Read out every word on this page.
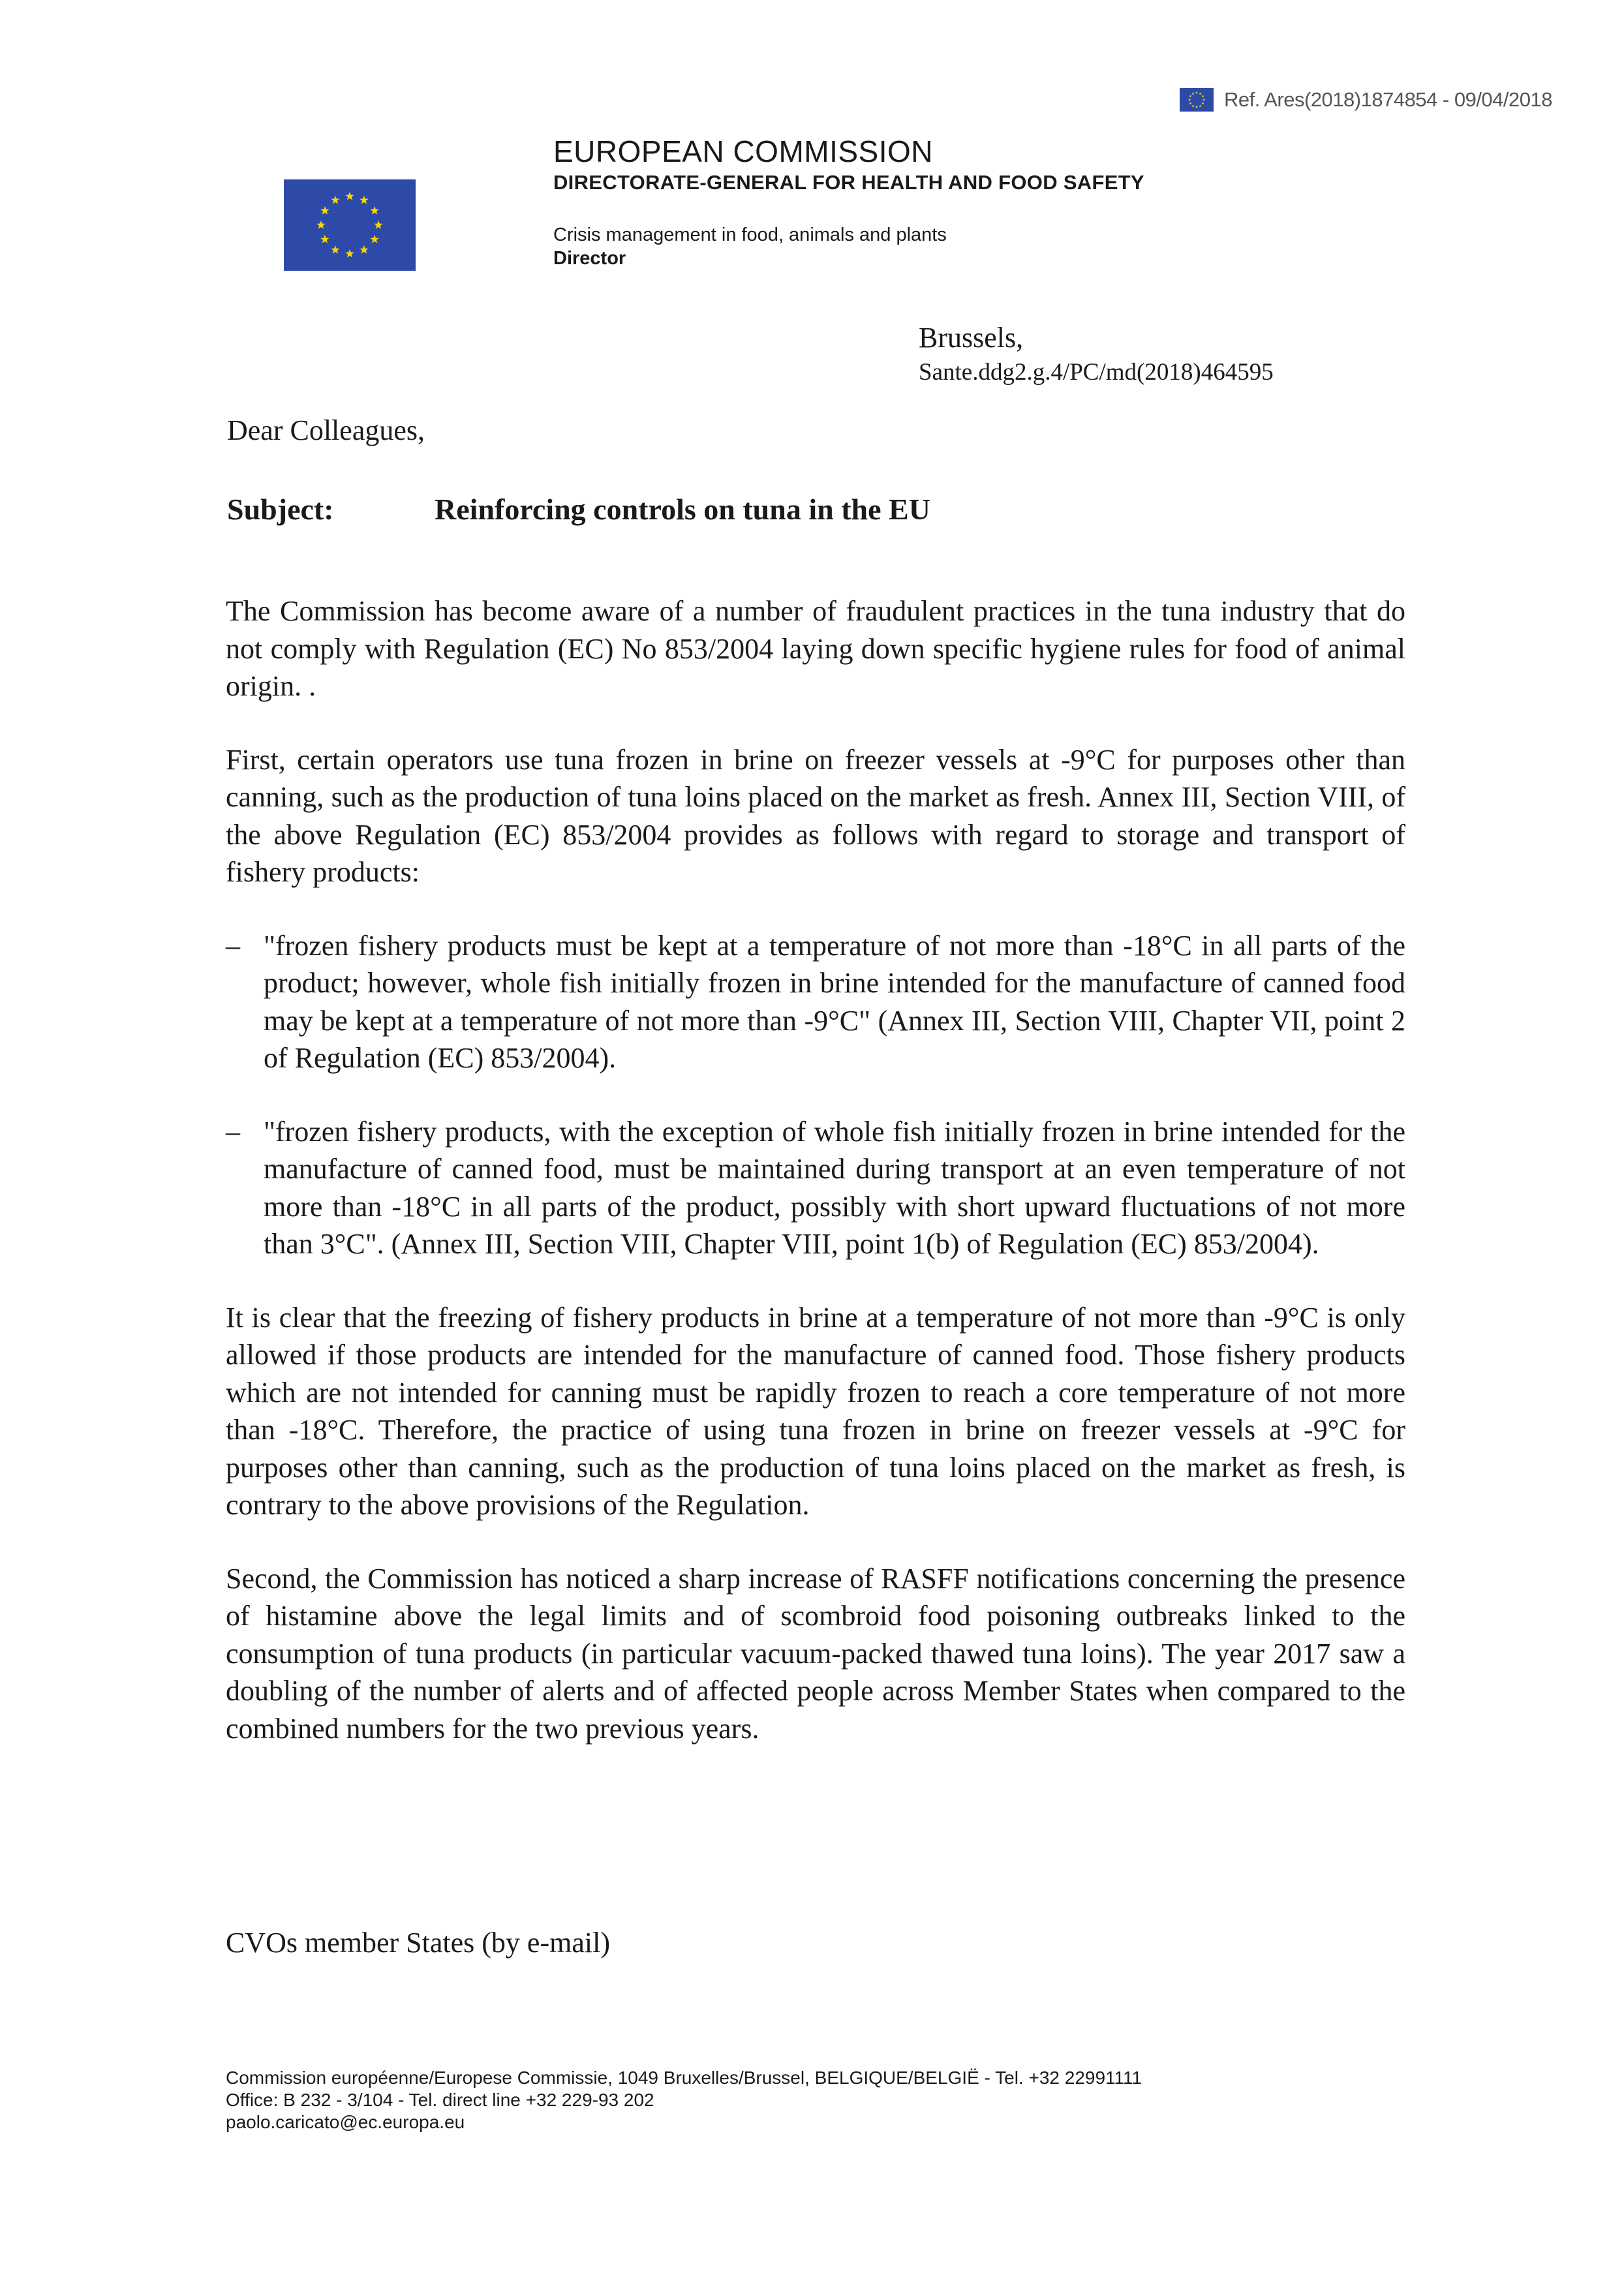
Ref. Ares(2018)1874854 - 09/04/2018

EUROPEAN COMMISSION

DIRECTORATE-GENERAL FOR HEALTH AND FOOD SAFETY

Crisis management in food, animals and plants

Director

Brussels,
Sante.ddg2.g.4/PC/md(2018)464595
Dear Colleagues,
Subject:	Reinforcing controls on tuna in the EU

The Commission has become aware of a number of fraudulent practices in the tuna industry that do not comply with Regulation (EC) No 853/2004 laying down specific hygiene rules for food of animal origin. .

First, certain operators use tuna frozen in brine on freezer vessels at -9°C for purposes other than canning, such as the production of tuna loins placed on the market as fresh. Annex III, Section VIII, of the above Regulation (EC) 853/2004 provides as follows with regard to storage and transport of fishery products:

– "frozen fishery products must be kept at a temperature of not more than -18°C in all parts of the product; however, whole fish initially frozen in brine intended for the manufacture of canned food may be kept at a temperature of not more than -9°C" (Annex III, Section VIII, Chapter VII, point 2 of Regulation (EC) 853/2004).
– "frozen fishery products, with the exception of whole fish initially frozen in brine intended for the manufacture of canned food, must be maintained during transport at an even temperature of not more than -18°C in all parts of the product, possibly with short upward fluctuations of not more than 3°C". (Annex III, Section VIII, Chapter VIII, point 1(b) of Regulation (EC) 853/2004).

It is clear that the freezing of fishery products in brine at a temperature of not more than -9°C is only allowed if those products are intended for the manufacture of canned food. Those fishery products which are not intended for canning must be rapidly frozen to reach a core temperature of not more than -18°C. Therefore, the practice of using tuna frozen in brine on freezer vessels at -9°C for purposes other than canning, such as the production of tuna loins placed on the market as fresh, is contrary to the above provisions of the Regulation.

Second, the Commission has noticed a sharp increase of RASFF notifications concerning the presence of histamine above the legal limits and of scombroid food poisoning outbreaks linked to the consumption of tuna products (in particular vacuum-packed thawed tuna loins). The year 2017 saw a doubling of the number of alerts and of affected people across Member States when compared to the combined numbers for the two previous years.

CVOs member States (by e-mail)
Commission européenne/Europese Commissie, 1049 Bruxelles/Brussel, BELGIQUE/BELGIË - Tel. +32 22991111
Office: B 232 - 3/104 - Tel. direct line +32 229-93 202
paolo.caricato@ec.europa.eu
